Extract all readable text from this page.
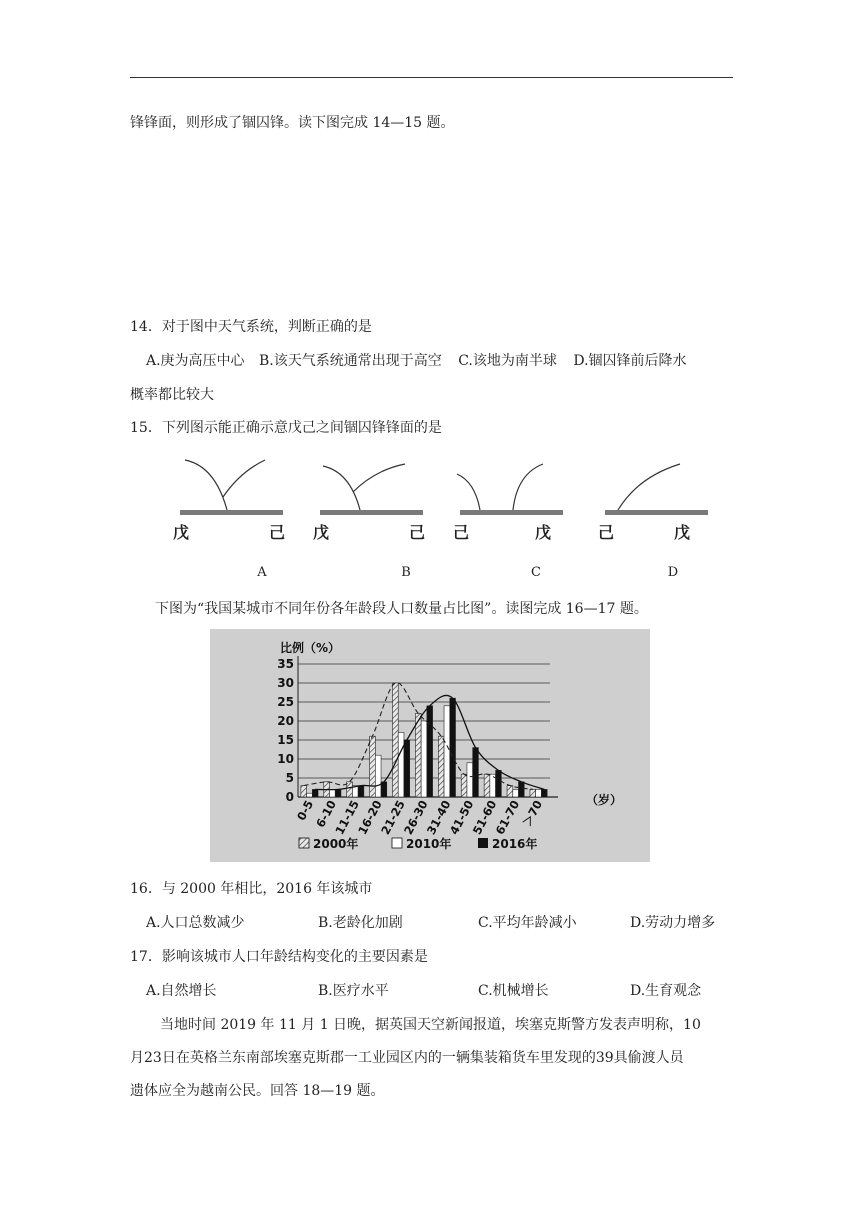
锋锋面，则形成了锢囚锋。读下图完成 14—15 题。
14．对于图中天气系统，判断正确的是
A.庚为高压中心 B.该天气系统通常出现于高空 C.该地为南半球 D.锢囚锋前后降水
概率都比较大
15．下列图示能正确示意戊己之间锢囚锋锋面的是
戊	己
A
戊	己
B
己	戊
C
己	戊
D
下图为“我国某城市不同年份各年龄段人口数量占比图”。读图完成 16—17 题。
0
5
10
15
20
25
30
35
0-5
6-10
11-15
16-20
21-25
26-30
31-40
41-50
51-60
61-70
＞70
比例（%）
（岁）
2000年	2010年	2016年
16．与 2000 年相比，2016 年该城市
A.人口总数减少	B.老龄化加剧	C.平均年龄减小	D.劳动力增多
17．影响该城市人口年龄结构变化的主要因素是
A.自然增长	B.医疗水平	C.机械增长	D.生育观念
当地时间 2019 年 11 月 1 日晚，据英国天空新闻报道，埃塞克斯警方发表声明称，10
月23日在英格兰东南部埃塞克斯郡一工业园区内的一辆集装箱货车里发现的39具偷渡人员
遗体应全为越南公民。回答 18—19 题。
